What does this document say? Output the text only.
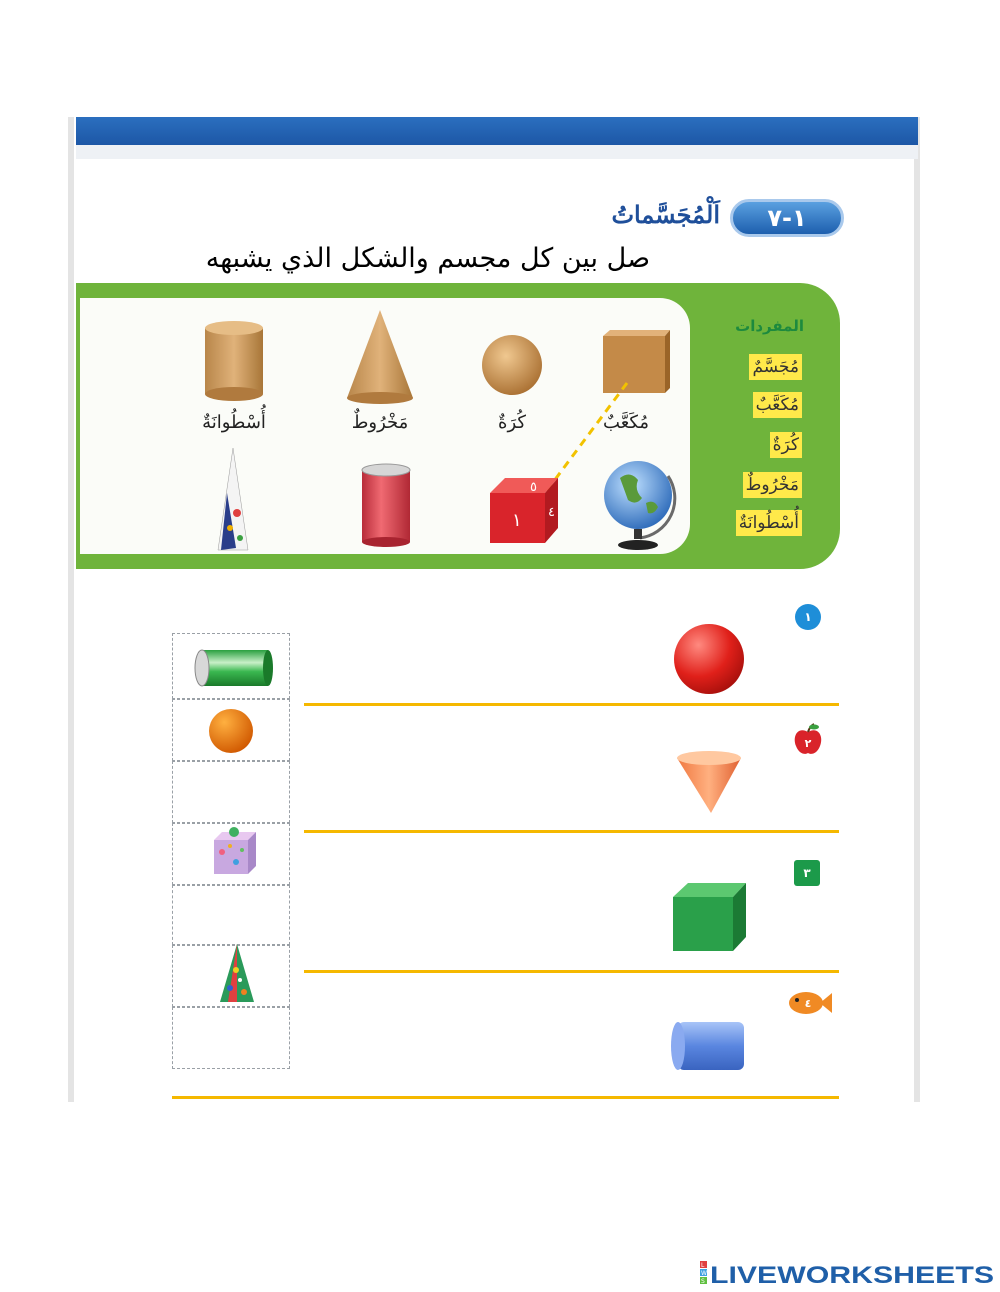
١-٧
اَلْمُجَسَّماتُ
صل بين كل مجسم والشكل الذي يشبهه
المفردات
مُجَسَّمٌ
مُكَعَّبٌ
كُرَةٌ
مَخْرُوطٌ
أُسْطُوانَةٌ
٥
٤
١
مُكَعَّبٌ
كُرَةٌ
مَخْرُوطٌ
أُسْطُوانَةٌ
١
٢
٣
٤
L
W
S LIVEWORKSHEETS
